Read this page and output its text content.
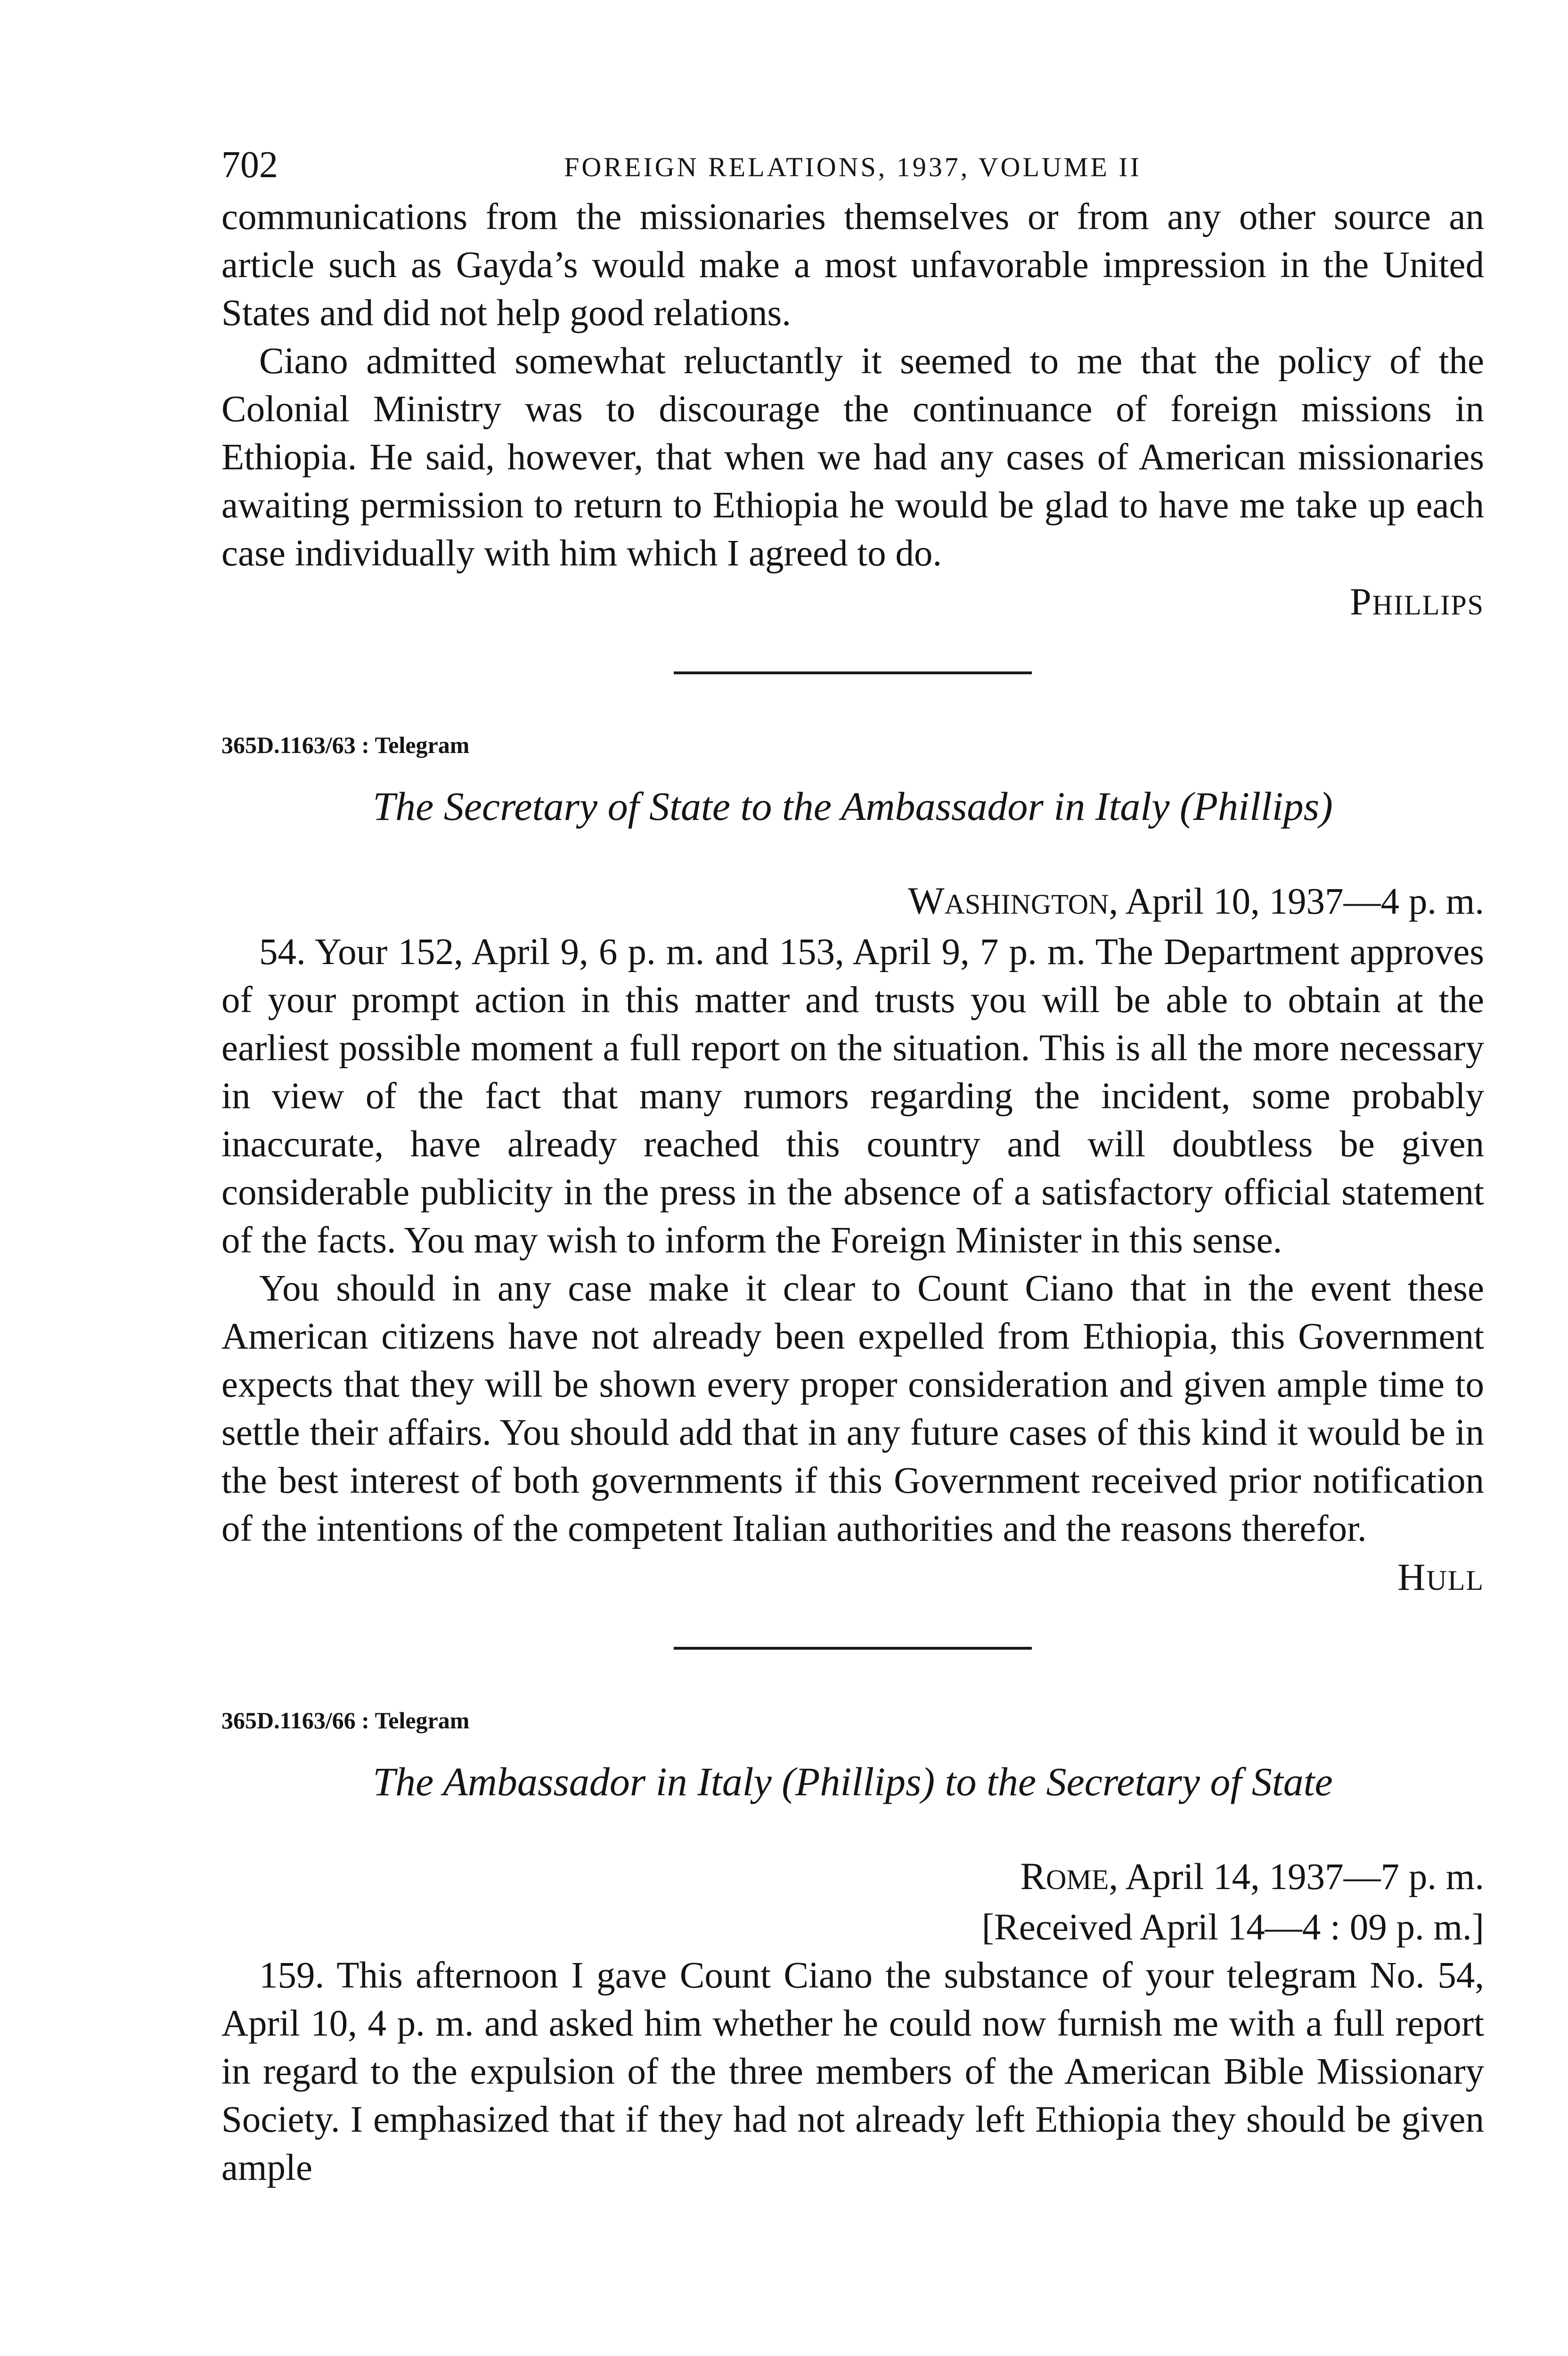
702	FOREIGN RELATIONS, 1937, VOLUME II

communications from the missionaries themselves or from any other source an article such as Gayda’s would make a most unfavorable impression in the United States and did not help good relations.

Ciano admitted somewhat reluctantly it seemed to me that the policy of the Colonial Ministry was to discourage the continuance of foreign missions in Ethiopia. He said, however, that when we had any cases of American missionaries awaiting permission to return to Ethiopia he would be glad to have me take up each case individually with him which I agreed to do.

PHILLIPS

365D.1163/63 : Telegram

The Secretary of State to the Ambassador in Italy (Phillips)

WASHINGTON, April 10, 1937—4 p. m.

54. Your 152, April 9, 6 p. m. and 153, April 9, 7 p. m. The Department approves of your prompt action in this matter and trusts you will be able to obtain at the earliest possible moment a full report on the situation. This is all the more necessary in view of the fact that many rumors regarding the incident, some probably inaccurate, have already reached this country and will doubtless be given considerable publicity in the press in the absence of a satisfactory official statement of the facts. You may wish to inform the Foreign Minister in this sense.

You should in any case make it clear to Count Ciano that in the event these American citizens have not already been expelled from Ethiopia, this Government expects that they will be shown every proper consideration and given ample time to settle their affairs. You should add that in any future cases of this kind it would be in the best interest of both governments if this Government received prior notification of the intentions of the competent Italian authorities and the reasons therefor.

HULL

365D.1163/66 : Telegram

The Ambassador in Italy (Phillips) to the Secretary of State

ROME, April 14, 1937—7 p. m.

[Received April 14—4 : 09 p. m.]

159. This afternoon I gave Count Ciano the substance of your telegram No. 54, April 10, 4 p. m. and asked him whether he could now furnish me with a full report in regard to the expulsion of the three members of the American Bible Missionary Society. I emphasized that if they had not already left Ethiopia they should be given ample
